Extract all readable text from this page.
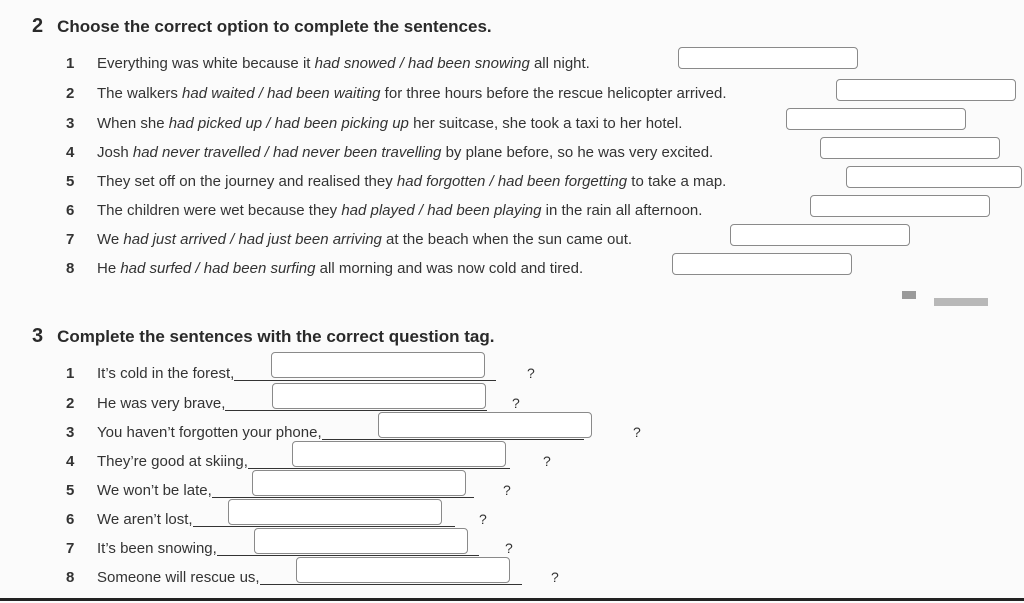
2 Choose the correct option to complete the sentences.
1	Everything was white because it had snowed / had been snowing all night.
2	The walkers had waited / had been waiting for three hours before the rescue helicopter arrived.
3	When she had picked up / had been picking up her suitcase, she took a taxi to her hotel.
4	Josh had never travelled / had never been travelling by plane before, so he was very excited.
5	They set off on the journey and realised they had forgotten / had been forgetting to take a map.
6	The children were wet because they had played / had been playing in the rain all afternoon.
7	We had just arrived / had just been arriving at the beach when the sun came out.
8	He had surfed / had been surfing all morning and was now cold and tired.
3 Complete the sentences with the correct question tag.
1	It’s cold in the forest,	?
2	He was very brave,	?
3	You haven’t forgotten your phone,	?
4	They’re good at skiing,	?
5	We won’t be late,	?
6	We aren’t lost,	?
7	It’s been snowing,	?
8	Someone will rescue us,	?
